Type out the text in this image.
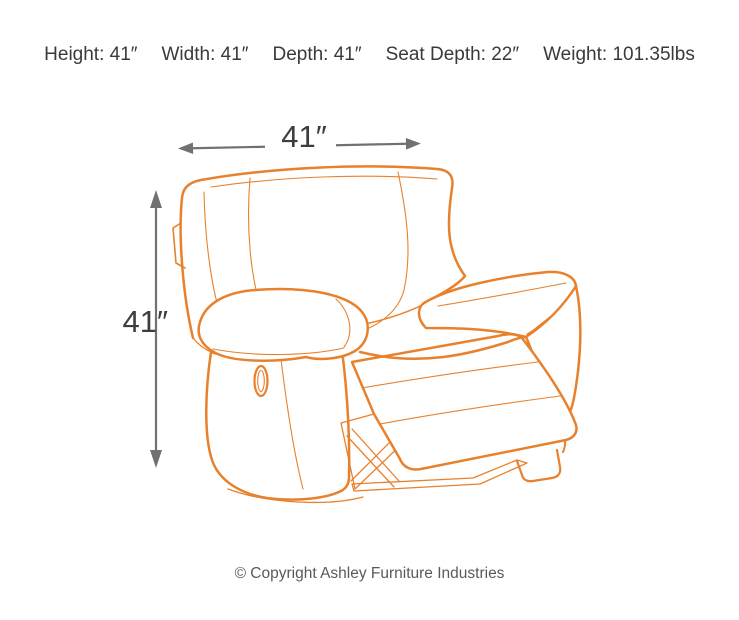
Height: 41″ Width: 41″ Depth: 41″ Seat Depth: 22″ Weight: 101.35lbs
41″
41″
© Copyright Ashley Furniture Industries
